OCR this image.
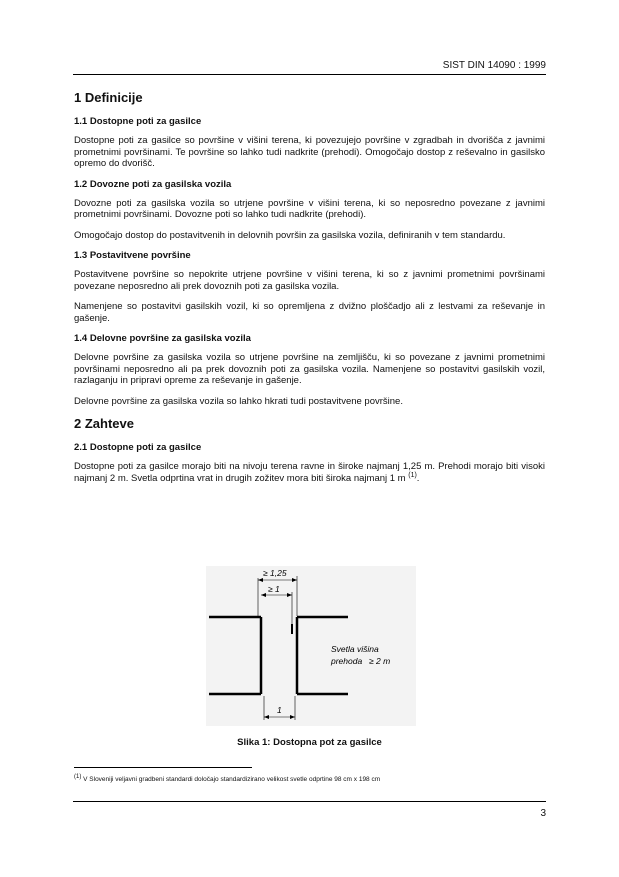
SIST DIN 14090 : 1999
1 Definicije
1.1 Dostopne poti za gasilce

Dostopne poti za gasilce so površine v višini terena, ki povezujejo površine v zgradbah in dvorišča z javnimi prometnimi površinami. Te površine so lahko tudi nadkrite (prehodi). Omogočajo dostop z reševalno in gasilsko opremo do dvorišč.

1.2 Dovozne poti za gasilska vozila

Dovozne poti za gasilska vozila so utrjene površine v višini terena, ki so neposredno povezane z javnimi prometnimi površinami. Dovozne poti so lahko tudi nadkrite (prehodi).

Omogočajo dostop do postavitvenih in delovnih površin za gasilska vozila, definiranih v tem standardu.

1.3 Postavitvene površine

Postavitvene površine so nepokrite utrjene površine v višini terena, ki so z javnimi prometnimi površinami povezane neposredno ali prek dovoznih poti za gasilska vozila.

Namenjene so postavitvi gasilskih vozil, ki so opremljena z dvižno ploščadjo ali z lestvami za reševanje in gašenje.

1.4 Delovne površine za gasilska vozila

Delovne površine za gasilska vozila so utrjene površine na zemljišču, ki so povezane z javnimi prometnimi površinami neposredno ali pa prek dovoznih poti za gasilska vozila. Namenjene so postavitvi gasilskih vozil, razlaganju in pripravi opreme za reševanje in gašenje.

Delovne površine za gasilska vozila so lahko hkrati tudi postavitvene površine.

2 Zahteve
2.1 Dostopne poti za gasilce

Dostopne poti za gasilce morajo biti na nivoju terena ravne in široke najmanj 1,25 m. Prehodi morajo biti visoki najmanj 2 m. Svetla odprtina vrat in drugih zožitev mora biti široka najmanj 1 m $^{(1)}$.

≥ 1,25
≥ 1
1
Svetla višina
prehoda ≥ 2 m
Slika 1: Dostopna pot za gasilce
$^{(1)}$ V Sloveniji veljavni gradbeni standardi določajo standardizirano velikost svetle odprtine 98 cm x 198 cm
3
